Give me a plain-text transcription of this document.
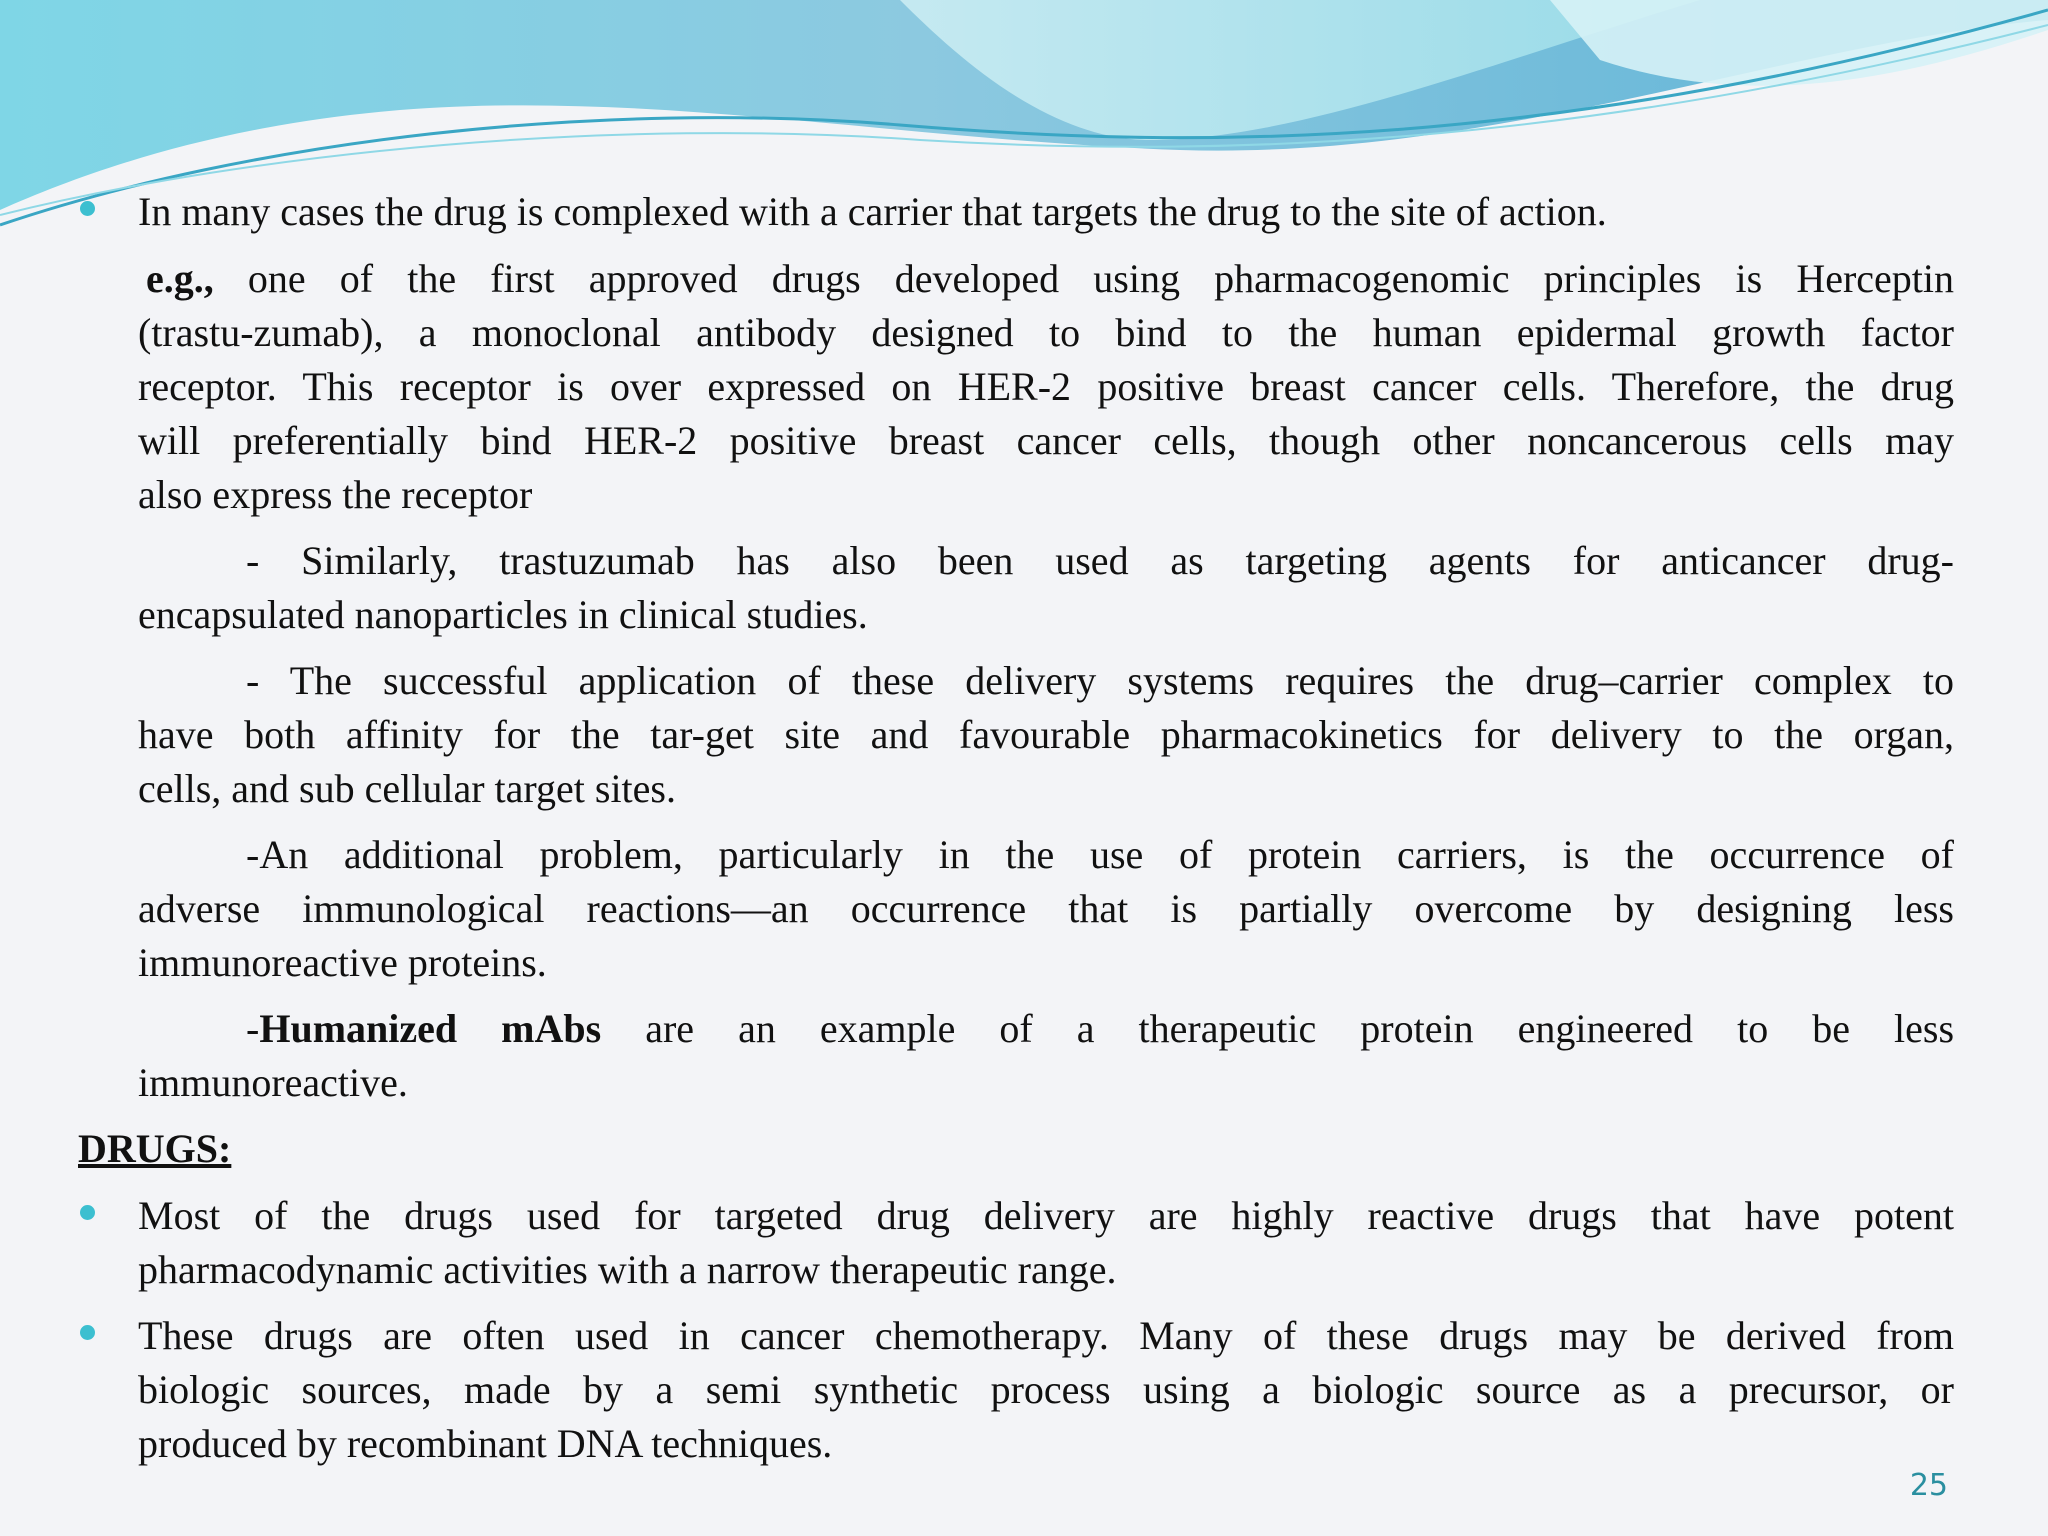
In many cases the drug is complexed with a carrier that targets the drug to the site of action.
e.g., one of the first approved drugs developed using pharmacogenomic principles is Herceptin
(trastu-zumab), a monoclonal antibody designed to bind to the human epidermal growth factor
receptor. This receptor is over expressed on HER-2 positive breast cancer cells. Therefore, the drug
will preferentially bind HER-2 positive breast cancer cells, though other noncancerous cells may
also express the receptor
- Similarly, trastuzumab has also been used as targeting agents for anticancer drug-
encapsulated nanoparticles in clinical studies.
- The successful application of these delivery systems requires the drug–carrier complex to
have both affinity for the tar-get site and favourable pharmacokinetics for delivery to the organ,
cells, and sub cellular target sites.
-An additional problem, particularly in the use of protein carriers, is the occurrence of
adverse immunological reactions—an occurrence that is partially overcome by designing less
immunoreactive proteins.
-Humanized mAbs are an example of a therapeutic protein engineered to be less
immunoreactive.
DRUGS:
Most of the drugs used for targeted drug delivery are highly reactive drugs that have potent
pharmacodynamic activities with a narrow therapeutic range.
These drugs are often used in cancer chemotherapy. Many of these drugs may be derived from
biologic sources, made by a semi synthetic process using a biologic source as a precursor, or
produced by recombinant DNA techniques.
25
